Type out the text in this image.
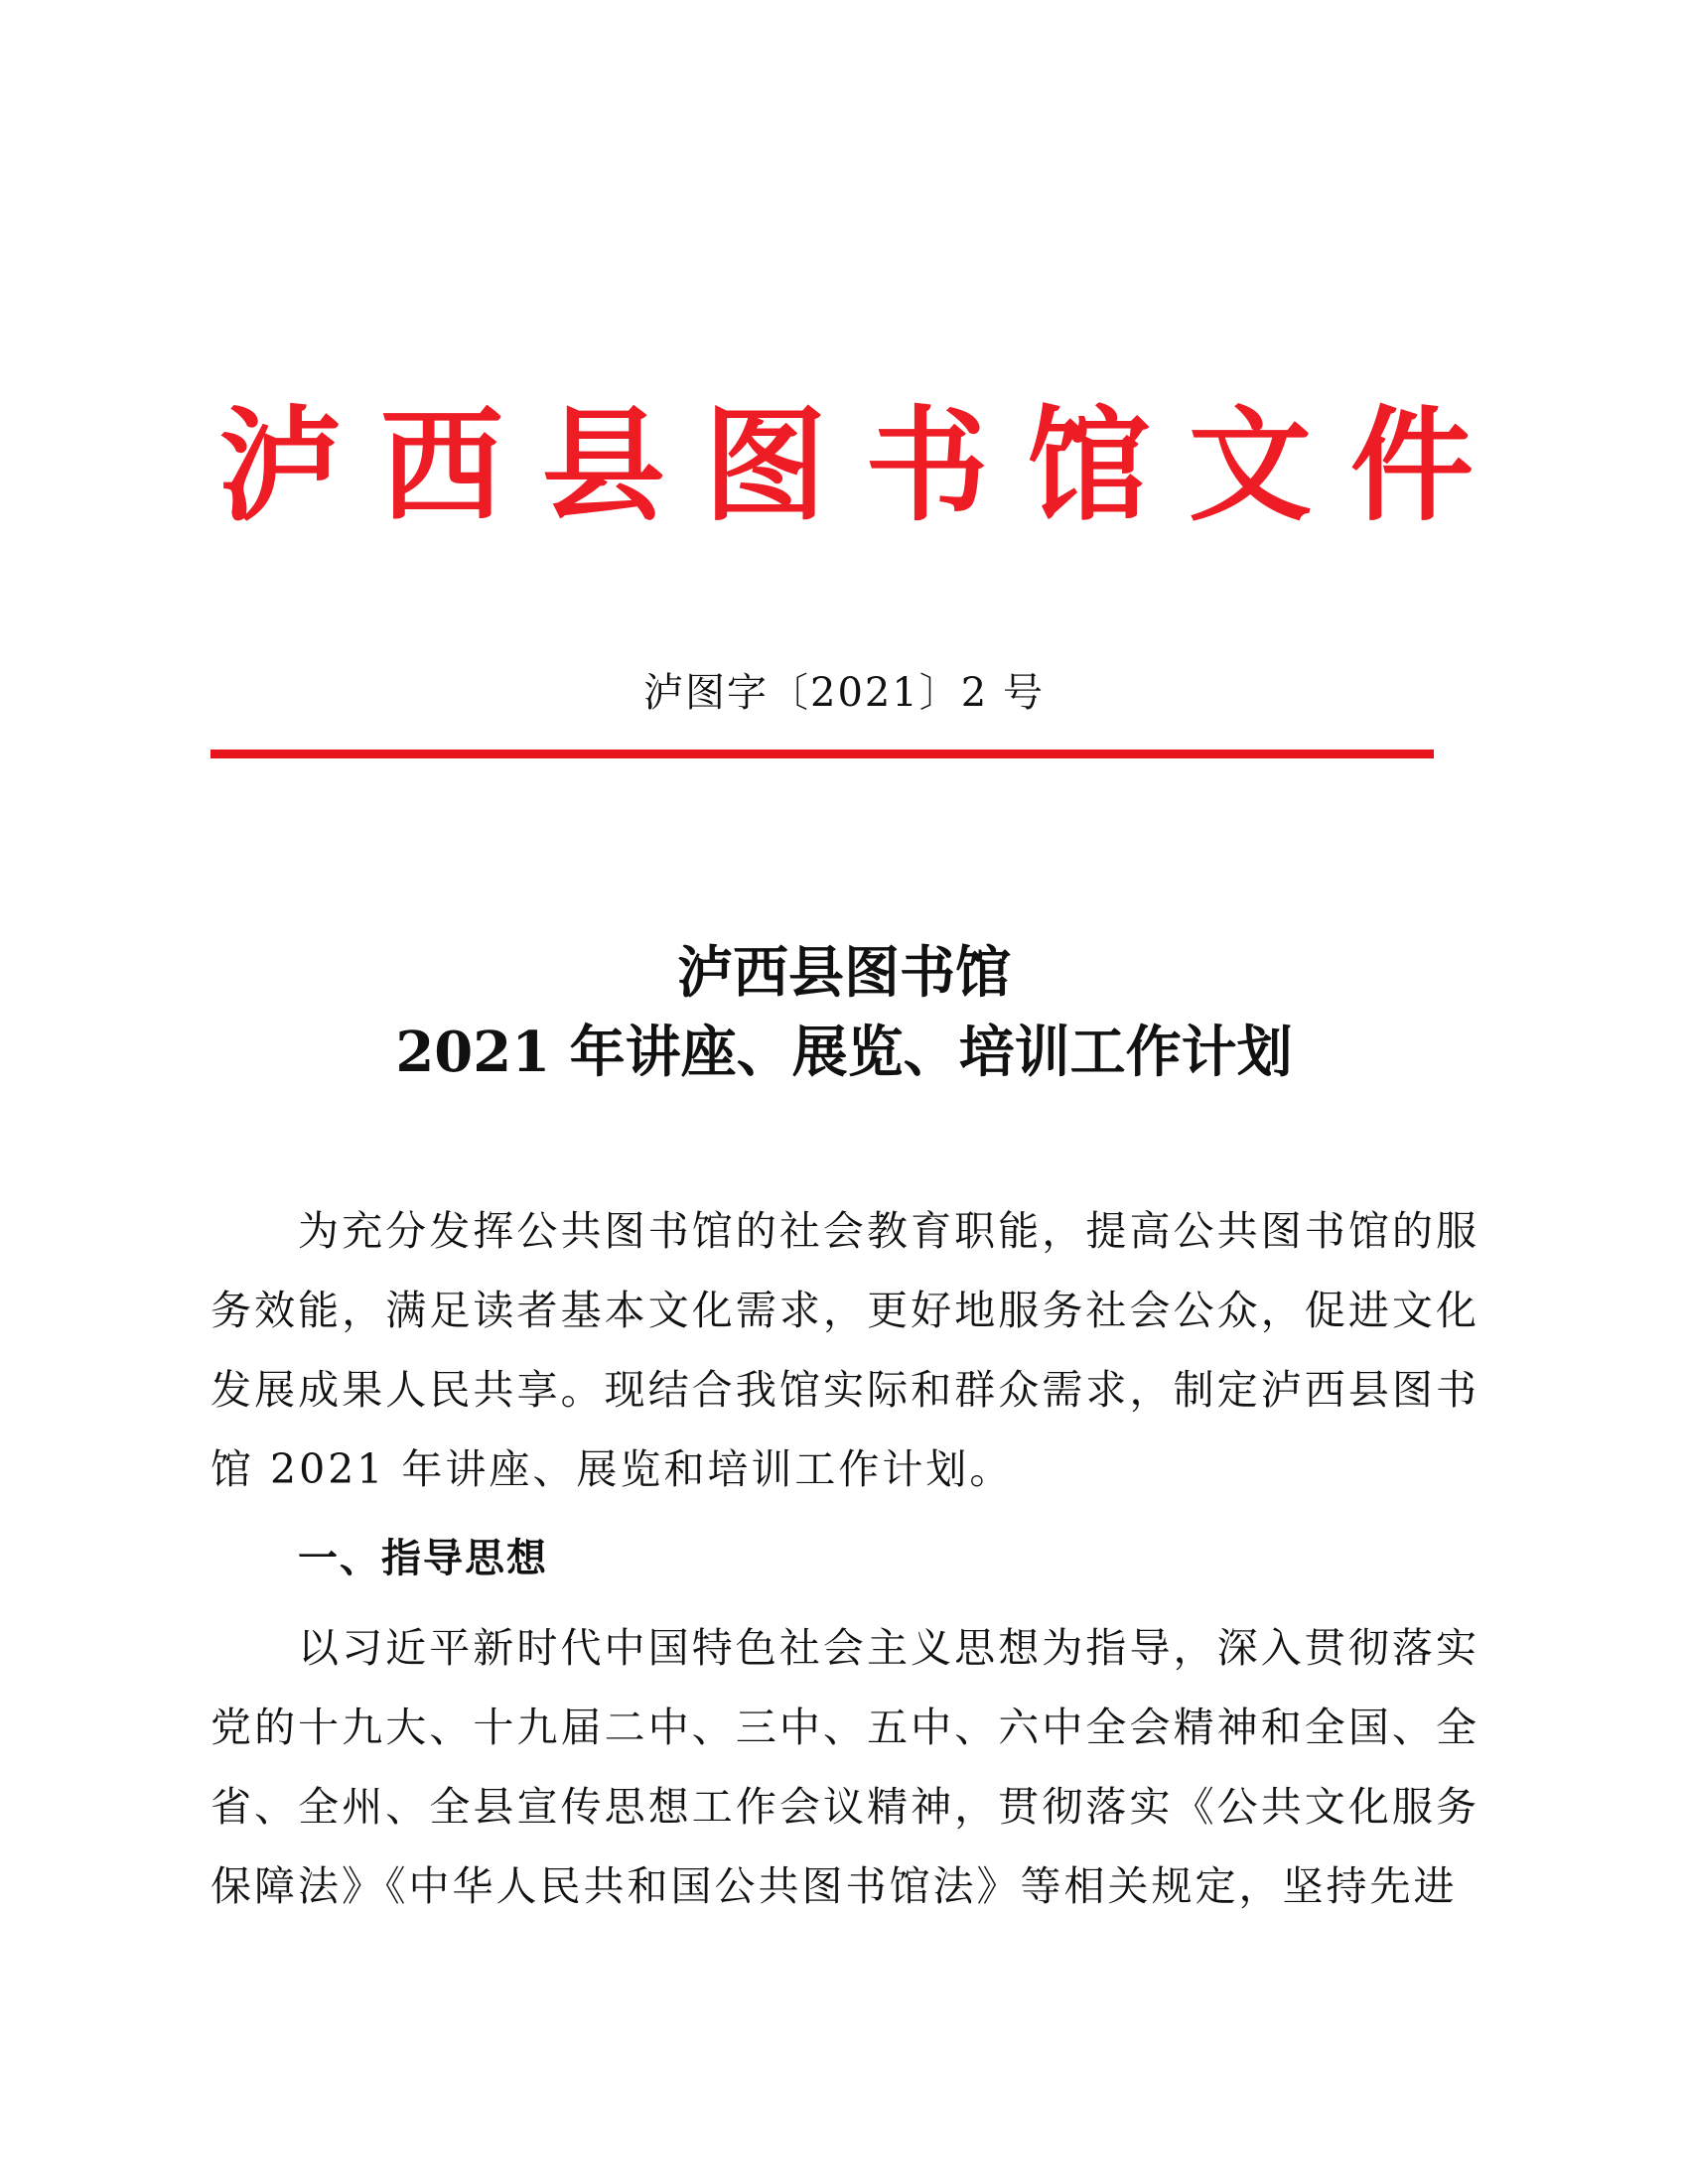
泸 西 县 图 书 馆 文 件
泸图字〔2021〕2 号
泸西县图书馆
2021 年讲座、展览、培训工作计划
为充分发挥公共图书馆的社会教育职能，提高公共图书馆的服务效能，满足读者基本文化需求，更好地服务社会公众，促进文化发展成果人民共享。现结合我馆实际和群众需求，制定泸西县图书馆 2021 年讲座、展览和培训工作计划。
一、指导思想
以习近平新时代中国特色社会主义思想为指导，深入贯彻落实党的十九大、十九届二中、三中、五中、六中全会精神和全国、全省、全州、全县宣传思想工作会议精神，贯彻落实《公共文化服务保障法》《中华人民共和国公共图书馆法》等相关规定，坚持先进
